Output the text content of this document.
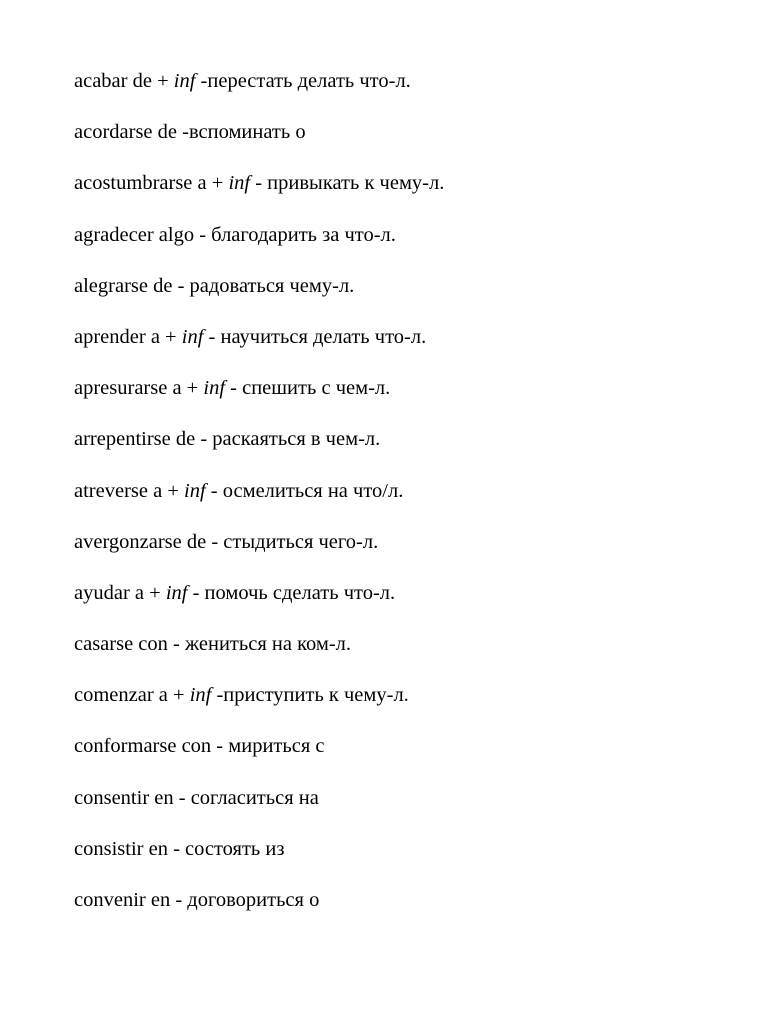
acabar de + inf -перестать делать что-л.
acordarse de -вспоминать о
acostumbrarse a + inf - привыкать к чему-л.
agradecer algo - благодарить за что-л.
alegrarse de - радоваться чему-л.
aprender a + inf - научиться делать что-л.
apresurarse a + inf - спешить с чем-л.
arrepentirse de - раскаяться в чем-л.
atreverse a + inf - осмелиться на что/л.
avergonzarse de - стыдиться чего-л.
ayudar a + inf - помочь сделать что-л.
casarse con - жениться на ком-л.
comenzar a + inf -приступить к чему-л.
conformarse con - мириться с
consentir en - согласиться на
consistir en - состоять из
convenir en - договориться о
